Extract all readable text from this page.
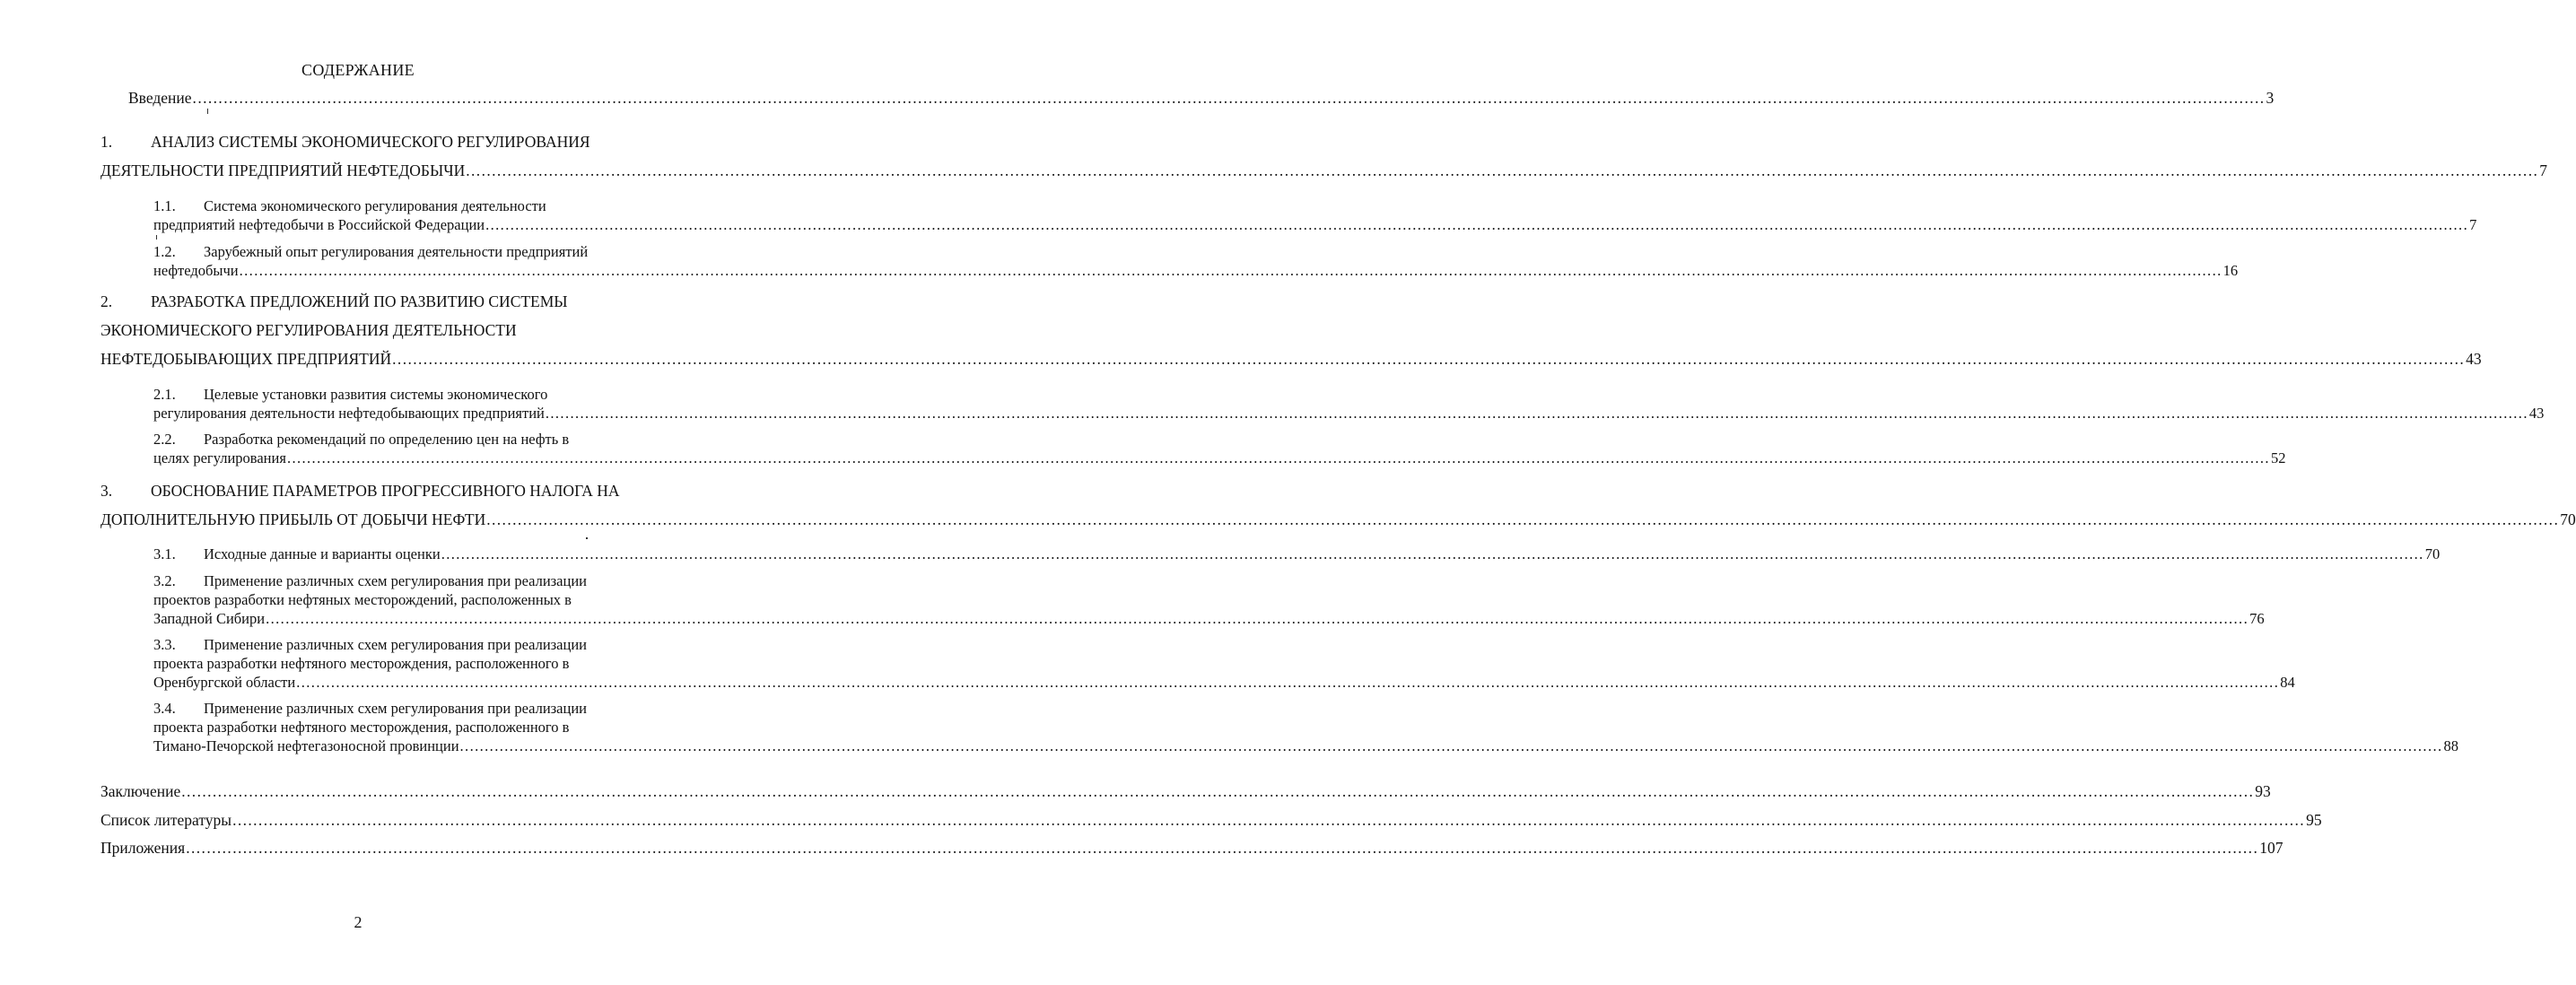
СОДЕРЖАНИЕ
Введение ................................................................................................................................................................................................................................................................................................................................................................................................................ 3
1. АНАЛИЗ СИСТЕМЫ ЭКОНОМИЧЕСКОГО РЕГУЛИРОВАНИЯ
ДЕЯТЕЛЬНОСТИ ПРЕДПРИЯТИЙ НЕФТЕДОБЫЧИ ................................................................................................................................................................................................................................................................................................................................................................................................................ 7
1.1. Система экономического регулирования деятельности
предприятий нефтедобычи в Российской Федерации ................................................................................................................................................................................................................................................................................................................................................................................................................ 7
1.2. Зарубежный опыт регулирования деятельности предприятий
нефтедобычи ................................................................................................................................................................................................................................................................................................................................................................................................................ 16
2. РАЗРАБОТКА ПРЕДЛОЖЕНИЙ ПО РАЗВИТИЮ СИСТЕМЫ
ЭКОНОМИЧЕСКОГО РЕГУЛИРОВАНИЯ ДЕЯТЕЛЬНОСТИ
НЕФТЕДОБЫВАЮЩИХ ПРЕДПРИЯТИЙ ................................................................................................................................................................................................................................................................................................................................................................................................................ 43
2.1. Целевые установки развития системы экономического
регулирования деятельности нефтедобывающих предприятий ................................................................................................................................................................................................................................................................................................................................................................................................................ 43
2.2. Разработка рекомендаций по определению цен на нефть в
целях регулирования ................................................................................................................................................................................................................................................................................................................................................................................................................ 52
3. ОБОСНОВАНИЕ ПАРАМЕТРОВ ПРОГРЕССИВНОГО НАЛОГА НА
ДОПОЛНИТЕЛЬНУЮ ПРИБЫЛЬ ОТ ДОБЫЧИ НЕФТИ ................................................................................................................................................................................................................................................................................................................................................................................................................ 70
3.1. Исходные данные и варианты оценки ................................................................................................................................................................................................................................................................................................................................................................................................................ 70
3.2. Применение различных схем регулирования при реализации
проектов разработки нефтяных месторождений, расположенных в
Западной Сибири ................................................................................................................................................................................................................................................................................................................................................................................................................ 76
3.3. Применение различных схем регулирования при реализации
проекта разработки нефтяного месторождения, расположенного в
Оренбургской области ................................................................................................................................................................................................................................................................................................................................................................................................................ 84
3.4. Применение различных схем регулирования при реализации
проекта разработки нефтяного месторождения, расположенного в
Тимано-Печорской нефтегазоносной провинции ................................................................................................................................................................................................................................................................................................................................................................................................................ 88
Заключение ................................................................................................................................................................................................................................................................................................................................................................................................................ 93
Список литературы ................................................................................................................................................................................................................................................................................................................................................................................................................ 95
Приложения ................................................................................................................................................................................................................................................................................................................................................................................................................ 107
2
